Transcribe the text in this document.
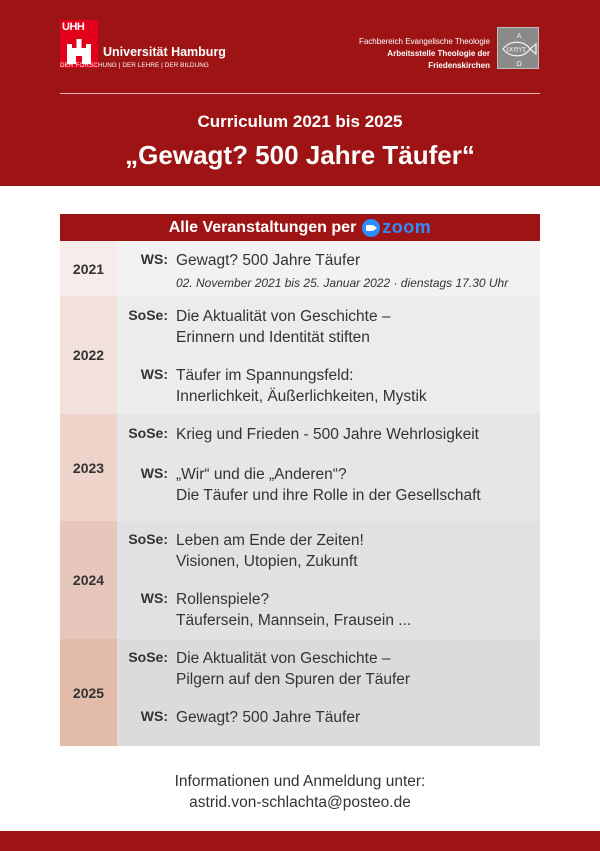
UHH
Universität Hamburg
DER FORSCHUNG | DER LEHRE | DER BILDUNG
Fachbereich Evangelische Theologie
Arbeitsstelle Theologie der
Friedenskirchen
A
IXΘYΣ
Ω
Curriculum 2021 bis 2025
„Gewagt? 500 Jahre Täufer“
Alle Veranstaltungen per zoom
2021
WS: Gewagt? 500 Jahre Täufer
02. November 2021 bis 25. Januar 2022 · dienstags 17.30 Uhr
2022
SoSe: Die Aktualität von Geschichte –
Erinnern und Identität stiften
WS: Täufer im Spannungsfeld:
Innerlichkeit, Äußerlichkeiten, Mystik
2023
SoSe: Krieg und Frieden - 500 Jahre Wehrlosigkeit
WS: „Wir“ und die „Anderen“?
Die Täufer und ihre Rolle in der Gesellschaft
2024
SoSe: Leben am Ende der Zeiten!
Visionen, Utopien, Zukunft
WS: Rollenspiele?
Täufersein, Mannsein, Frausein ...
2025
SoSe: Die Aktualität von Geschichte –
Pilgern auf den Spuren der Täufer
WS: Gewagt? 500 Jahre Täufer
Informationen und Anmeldung unter:
astrid.von-schlachta@posteo.de
